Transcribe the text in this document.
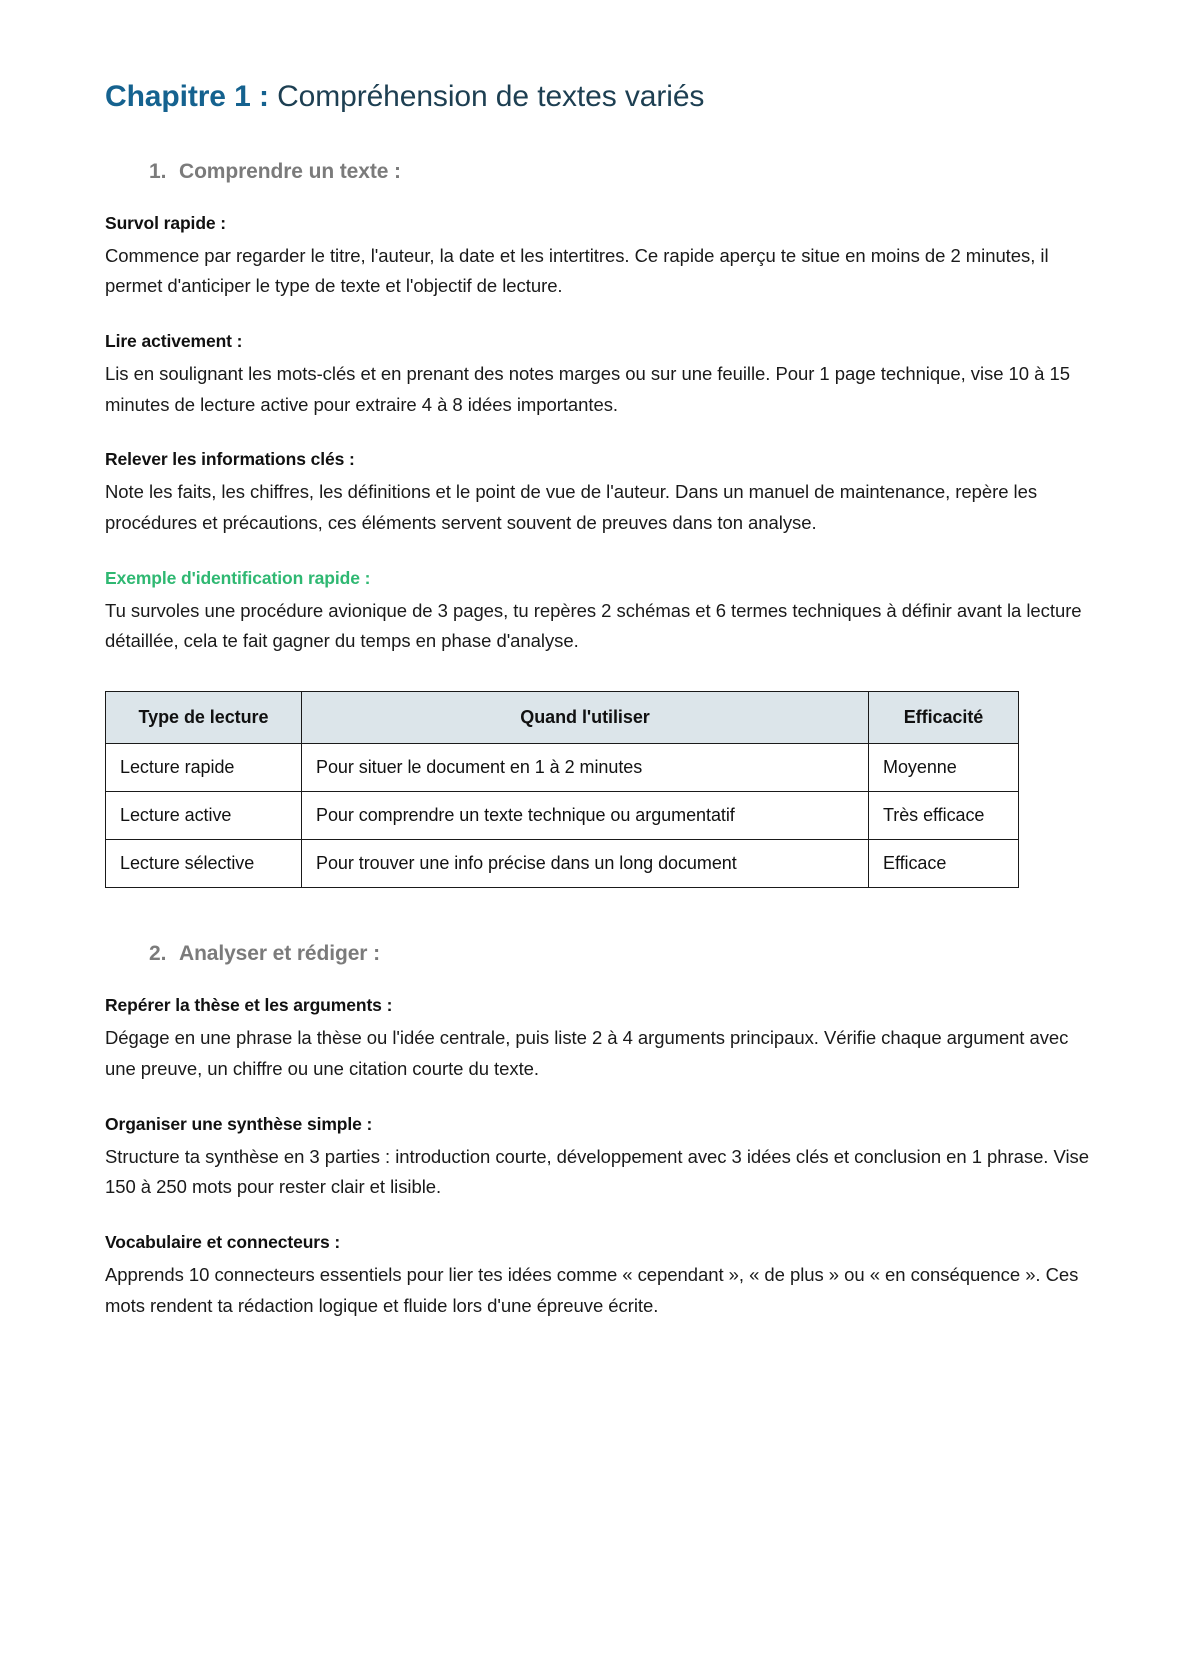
Chapitre 1 : Compréhension de textes variés
1. Comprendre un texte :
Survol rapide :

Commence par regarder le titre, l'auteur, la date et les intertitres. Ce rapide aperçu te situe en moins de 2 minutes, il permet d'anticiper le type de texte et l'objectif de lecture.

Lire activement :

Lis en soulignant les mots-clés et en prenant des notes marges ou sur une feuille. Pour 1 page technique, vise 10 à 15 minutes de lecture active pour extraire 4 à 8 idées importantes.

Relever les informations clés :

Note les faits, les chiffres, les définitions et le point de vue de l'auteur. Dans un manuel de maintenance, repère les procédures et précautions, ces éléments servent souvent de preuves dans ton analyse.

Exemple d'identification rapide :

Tu survoles une procédure avionique de 3 pages, tu repères 2 schémas et 6 termes techniques à définir avant la lecture détaillée, cela te fait gagner du temps en phase d'analyse.

Type de lecture	Quand l'utiliser	Efficacité
Lecture rapide	Pour situer le document en 1 à 2 minutes	Moyenne
Lecture active	Pour comprendre un texte technique ou argumentatif	Très efficace
Lecture sélective	Pour trouver une info précise dans un long document	Efficace
2. Analyser et rédiger :
Repérer la thèse et les arguments :

Dégage en une phrase la thèse ou l'idée centrale, puis liste 2 à 4 arguments principaux. Vérifie chaque argument avec une preuve, un chiffre ou une citation courte du texte.

Organiser une synthèse simple :

Structure ta synthèse en 3 parties : introduction courte, développement avec 3 idées clés et conclusion en 1 phrase. Vise 150 à 250 mots pour rester clair et lisible.

Vocabulaire et connecteurs :

Apprends 10 connecteurs essentiels pour lier tes idées comme « cependant », « de plus » ou « en conséquence ». Ces mots rendent ta rédaction logique et fluide lors d'une épreuve écrite.
